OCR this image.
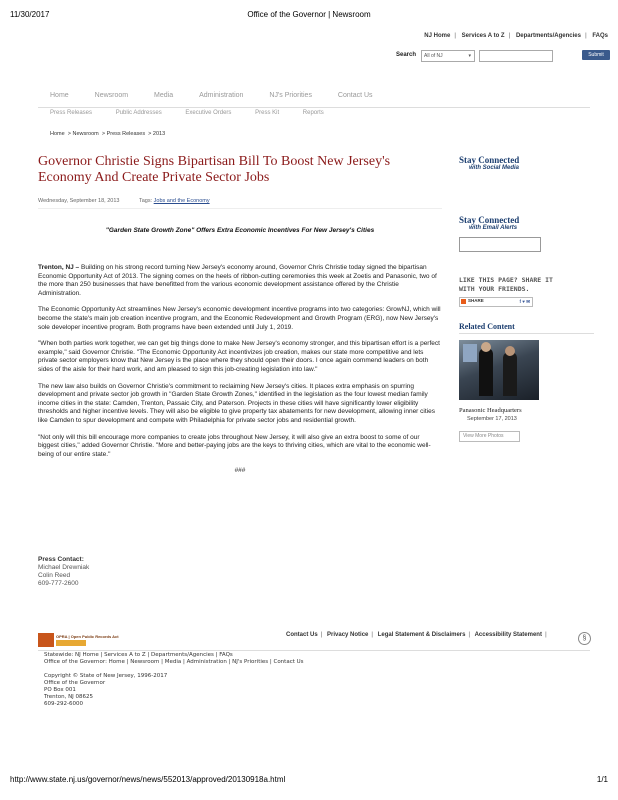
11/30/2017	Office of the Governor | Newsroom
NJ Home | Services A to Z | Departments/Agencies | FAQs
Search	All of NJ	▾	Submit
Home	Newsroom	Media	Administration	NJ's Priorities	Contact Us
Press Releases	Public Addresses	Executive Orders	Press Kit	Reports
Home  > Newsroom  > Press Releases  > 2013
Governor Christie Signs Bipartisan Bill To Boost New Jersey's Economy And Create Private Sector Jobs
Wednesday, September 18, 2013	Tags: Jobs and the Economy
"Garden State Growth Zone" Offers Extra Economic Incentives For New Jersey's Cities

Trenton, NJ – Building on his strong record turning New Jersey's economy around, Governor Chris Christie today signed the bipartisan Economic Opportunity Act of 2013. The signing comes on the heels of ribbon-cutting ceremonies this week at Zoetis and Panasonic, two of the more than 250 businesses that have benefitted from the various economic development assistance offered by the Christie Administration.

The Economic Opportunity Act streamlines New Jersey's economic development incentive programs into two categories: GrowNJ, which will become the state's main job creation incentive program, and the Economic Redevelopment and Growth Program (ERG), now New Jersey's sole developer incentive program. Both programs have been extended until July 1, 2019.

"When both parties work together, we can get big things done to make New Jersey's economy stronger, and this bipartisan effort is a perfect example," said Governor Christie. "The Economic Opportunity Act incentivizes job creation, makes our state more competitive and lets private sector employers know that New Jersey is the place where they should open their doors. I once again commend leaders on both sides of the aisle for their hard work, and am pleased to sign this job-creating legislation into law."

The new law also builds on Governor Christie's commitment to reclaiming New Jersey's cities. It places extra emphasis on spurring development and private sector job growth in "Garden State Growth Zones," identified in the legislation as the four lowest median family income cities in the state: Camden, Trenton, Passaic City, and Paterson. Projects in these cities will have significantly lower eligibility thresholds and higher incentive levels. They will also be eligible to give property tax abatements for new development, allowing inner cities like Camden to spur development and compete with Philadelphia for private sector jobs and residential growth.

"Not only will this bill encourage more companies to create jobs throughout New Jersey, it will also give an extra boost to some of our biggest cities," added Governor Christie. "More and better-paying jobs are the keys to thriving cities, which are vital to the economic well-being of our entire state."

###

Press Contact:
Michael Drewniak
Colin Reed
609-777-2600
Stay Connected
with Social Media
Stay Connected
with Email Alerts
LIKE THIS PAGE? SHARE IT
WITH YOUR FRIENDS.
SHARE	f ♥ ✉
Related Content
Panasonic Headquarters
September 17, 2013
View More Photos
OPRA | Open Public Records Act	Contact Us | Privacy Notice | Legal Statement & Disclaimers | Accessibility Statement |	§
Statewide: NJ Home | Services A to Z | Departments/Agencies | FAQs
Office of the Governor: Home | Newsroom | Media | Administration | NJ's Priorities | Contact Us
Copyright © State of New Jersey, 1996-2017
Office of the Governor
PO Box 001
Trenton, NJ 08625
609-292-6000
http://www.state.nj.us/governor/news/news/552013/approved/20130918a.html	1/1
